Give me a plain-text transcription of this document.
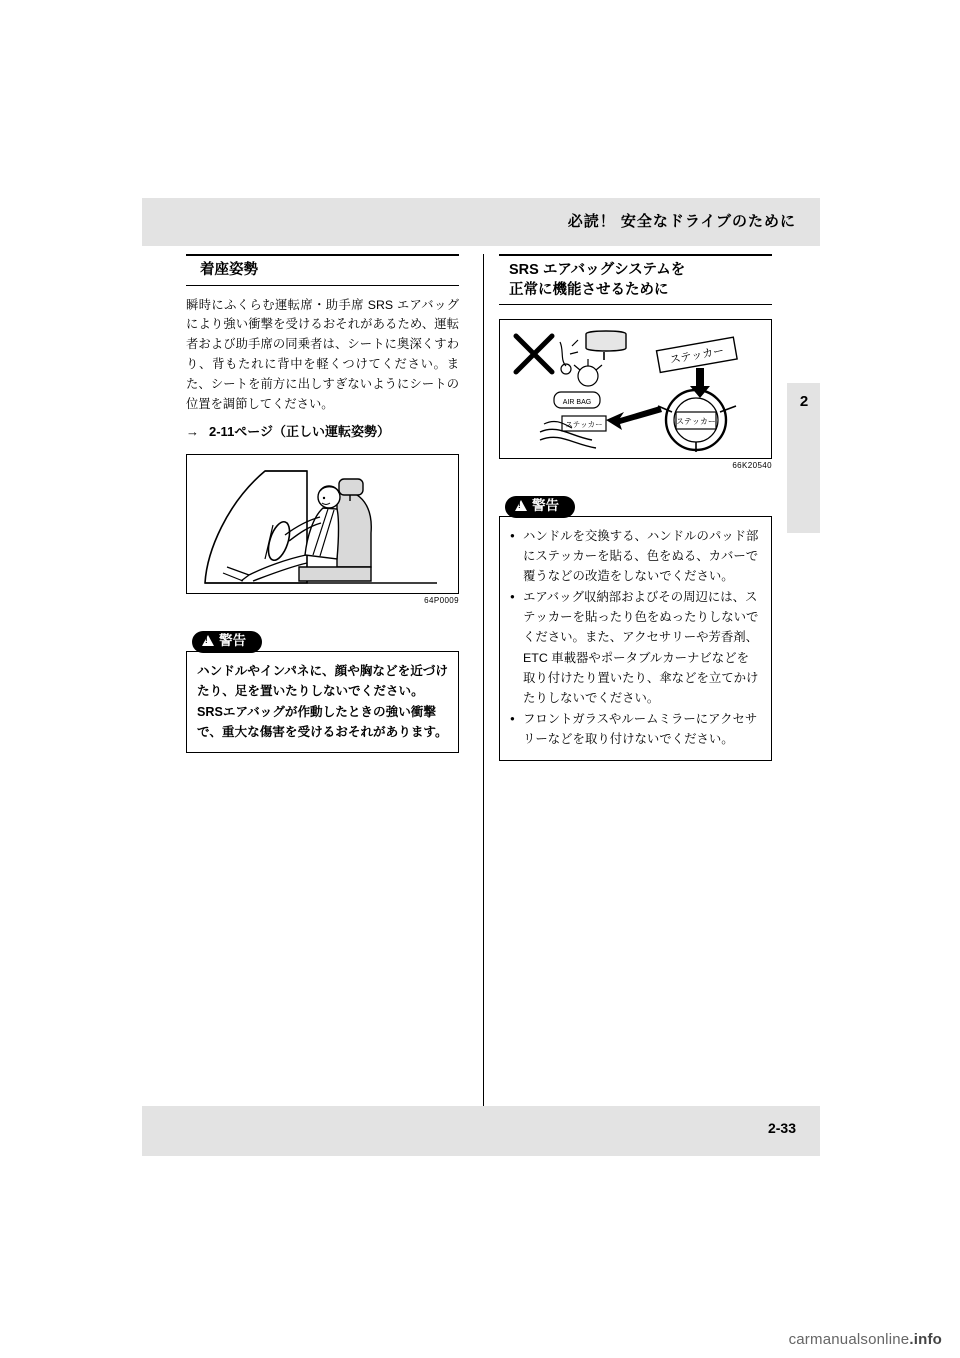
必読！ 安全なドライブのために
2
着座姿勢
瞬時にふくらむ運転席・助手席 SRS エアバッグにより強い衝撃を受けるおそれがあるため、運転者および助手席の同乗者は、シートに奥深くすわり、背もたれに背中を軽くつけてください。また、シートを前方に出しすぎないようにシートの位置を調節してください。
→ 2-11ページ（正しい運転姿勢）
64P0009
! 警告
ハンドルやインパネに、顔や胸などを近づけたり、足を置いたりしないでください。SRSエアバッグが作動したときの強い衝撃で、重大な傷害を受けるおそれがあります。
SRS エアバッグシステムを
正常に機能させるために
ステッカー
ステッカー
AIR BAG
ステッカー
66K20540
! 警告
● ハンドルを交換する、ハンドルのパッド部にステッカーを貼る、色をぬる、カバーで覆うなどの改造をしないでください。
● エアバッグ収納部およびその周辺には、ステッカーを貼ったり色をぬったりしないでください。また、アクセサリーや芳香剤、ETC 車載器やポータブルカーナビなどを取り付けたり置いたり、傘などを立てかけたりしないでください。
● フロントガラスやルームミラーにアクセサリーなどを取り付けないでください。
2-33
carmanualsonline.info
